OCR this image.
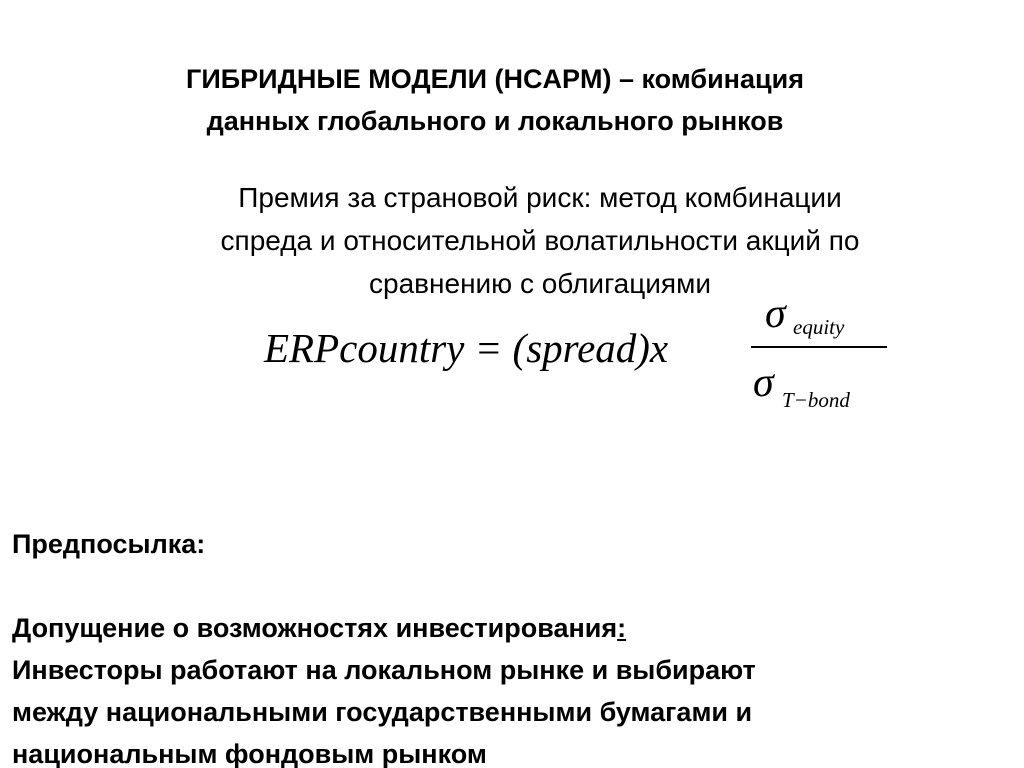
ГИБРИДНЫЕ МОДЕЛИ (HCAPM) – комбинация
данных глобального и локального рынков
Премия за страновой риск: метод комбинации
спреда и относительной волатильности акций по
сравнению с облигациями
ERPcountry = (spread)x
σ equity
σ T−bond
Предпосылка:
Допущение о возможностях инвестирования:
Инвесторы работают на локальном рынке и выбирают
между национальными государственными бумагами и
национальным фондовым рынком
